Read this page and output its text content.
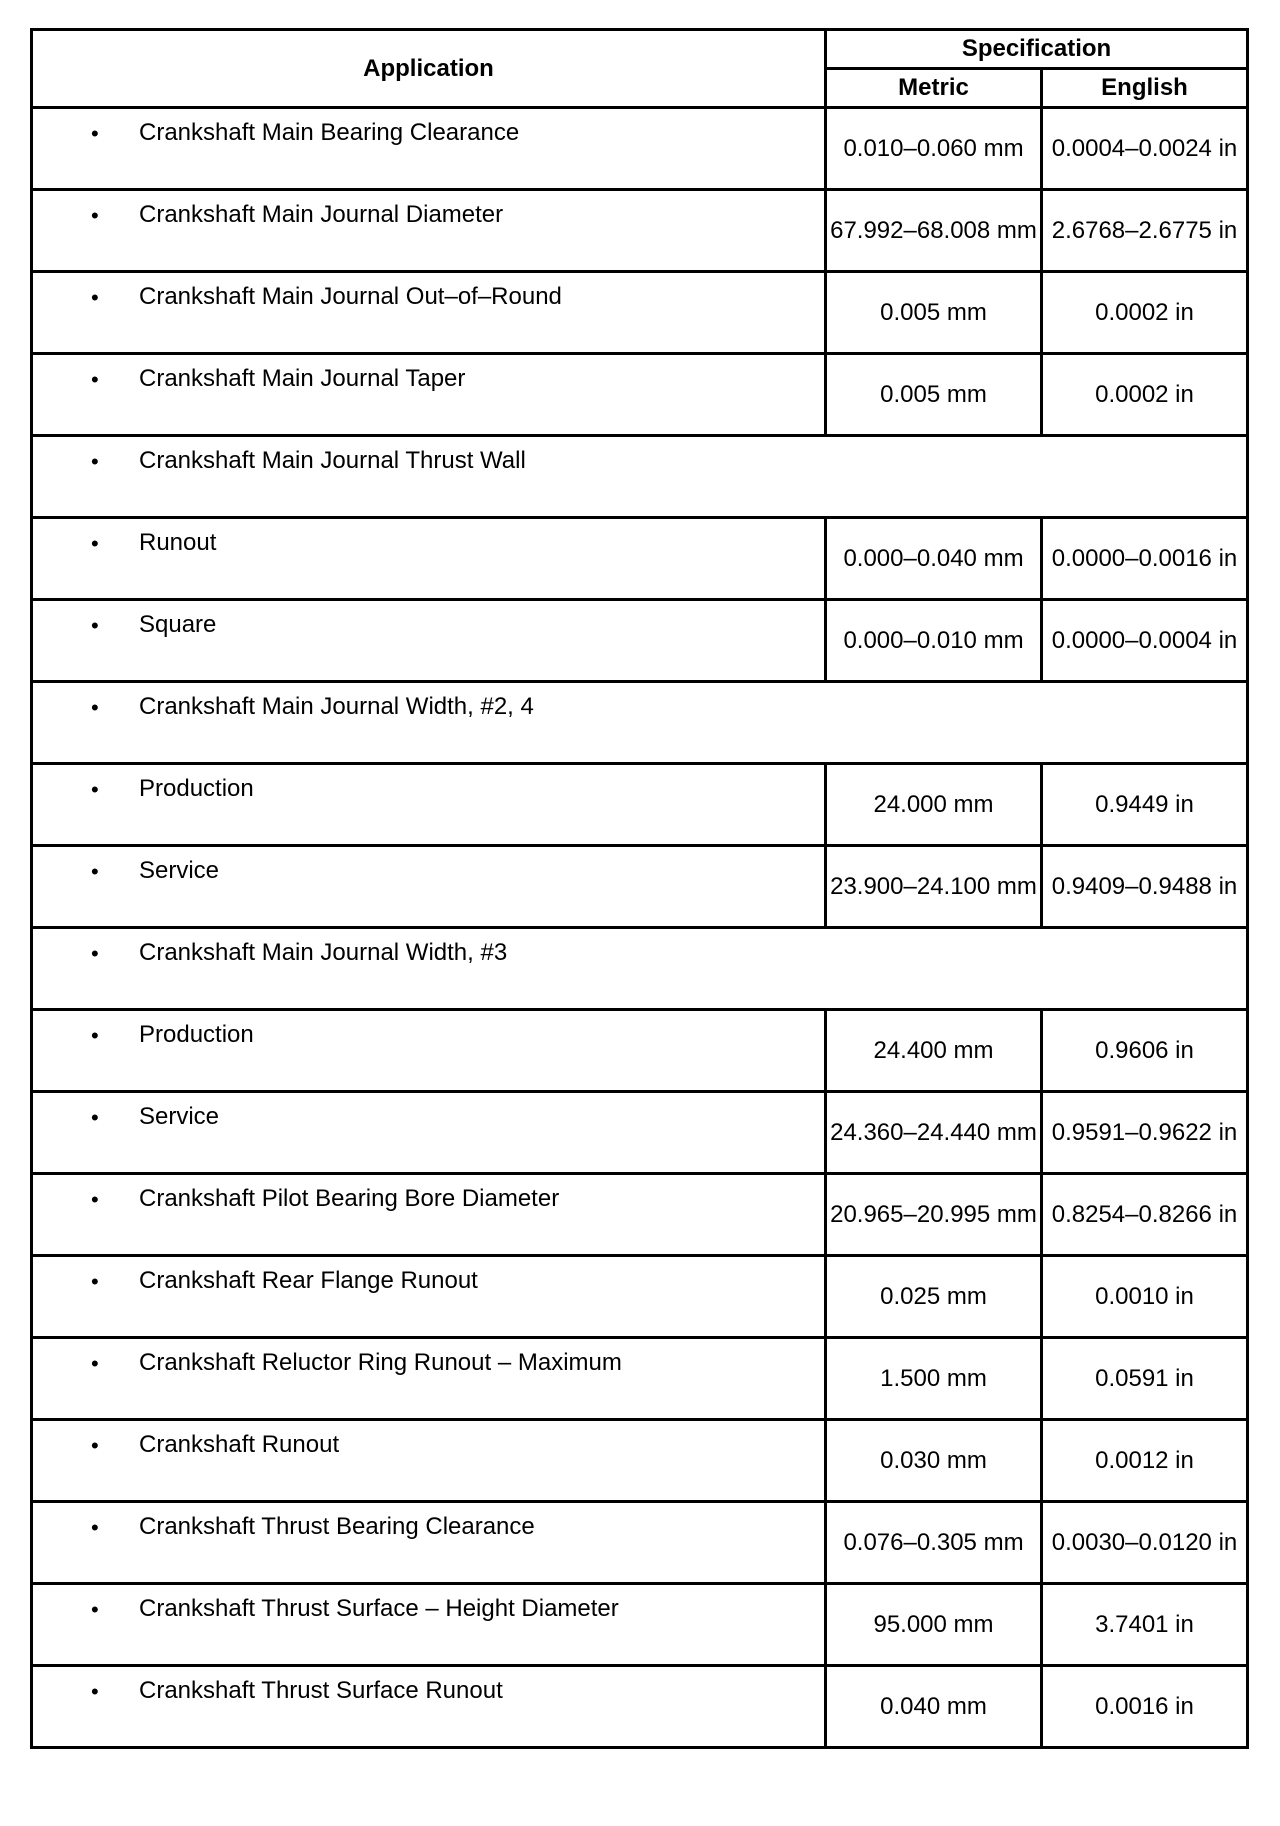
Application	Specification	
	Metric	English

• Crankshaft Main Bearing Clearance	0.010–0.060 mm	0.0004–0.0024 in

• Crankshaft Main Journal Diameter	67.992–68.008 mm	2.6768–2.6775 in

• Crankshaft Main Journal Out–of–Round	0.005 mm	0.0002 in

• Crankshaft Main Journal Taper	0.005 mm	0.0002 in

• Crankshaft Main Journal Thrust Wall		

• Runout	0.000–0.040 mm	0.0000–0.0016 in

• Square	0.000–0.010 mm	0.0000–0.0004 in

• Crankshaft Main Journal Width, #2, 4		

• Production	24.000 mm	0.9449 in

• Service	23.900–24.100 mm	0.9409–0.9488 in

• Crankshaft Main Journal Width, #3		

• Production	24.400 mm	0.9606 in

• Service	24.360–24.440 mm	0.9591–0.9622 in

• Crankshaft Pilot Bearing Bore Diameter	20.965–20.995 mm	0.8254–0.8266 in

• Crankshaft Rear Flange Runout	0.025 mm	0.0010 in

• Crankshaft Reluctor Ring Runout – Maximum	1.500 mm	0.0591 in

• Crankshaft Runout	0.030 mm	0.0012 in

• Crankshaft Thrust Bearing Clearance	0.076–0.305 mm	0.0030–0.0120 in

• Crankshaft Thrust Surface – Height Diameter	95.000 mm	3.7401 in

• Crankshaft Thrust Surface Runout	0.040 mm	0.0016 in
